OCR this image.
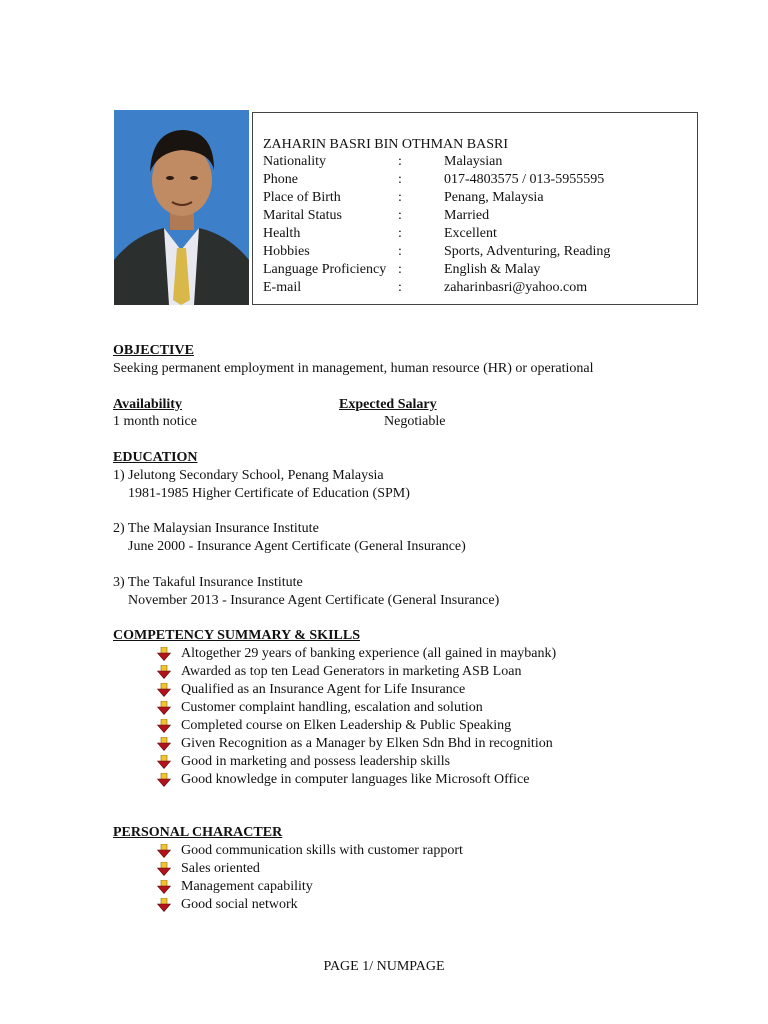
ZAHARIN BASRI BIN OTHMAN BASRI
Nationality	:	Malaysian
Phone	:	017-4803575 / 013-5955595
Place of Birth	:	Penang, Malaysia
Marital Status	:	Married
Health	:	Excellent
Hobbies	:	Sports, Adventuring, Reading
Language Proficiency :	English & Malay
E-mail	:	zaharinbasri@yahoo.com
OBJECTIVE
Seeking permanent employment in management, human resource (HR) or operational
Availability
1 month notice
Expected Salary
Negotiable
EDUCATION
1) Jelutong Secondary School, Penang Malaysia
1981-1985 Higher Certificate of Education (SPM)
2) The Malaysian Insurance Institute
June 2000 - Insurance Agent Certificate (General Insurance)
3) The Takaful Insurance Institute
November 2013 - Insurance Agent Certificate (General Insurance)
COMPETENCY SUMMARY & SKILLS
Altogether 29 years of banking experience (all gained in maybank)
Awarded as top ten Lead Generators in marketing ASB Loan
Qualified as an Insurance Agent for Life Insurance
Customer complaint handling, escalation and solution
Completed course on Elken Leadership & Public Speaking
Given Recognition as a Manager by Elken Sdn Bhd in recognition
Good in marketing and possess leadership skills
Good knowledge in computer languages like Microsoft Office
PERSONAL CHARACTER
Good communication skills with customer rapport
Sales oriented
Management capability
Good social network
PAGE 1/ NUMPAGE
